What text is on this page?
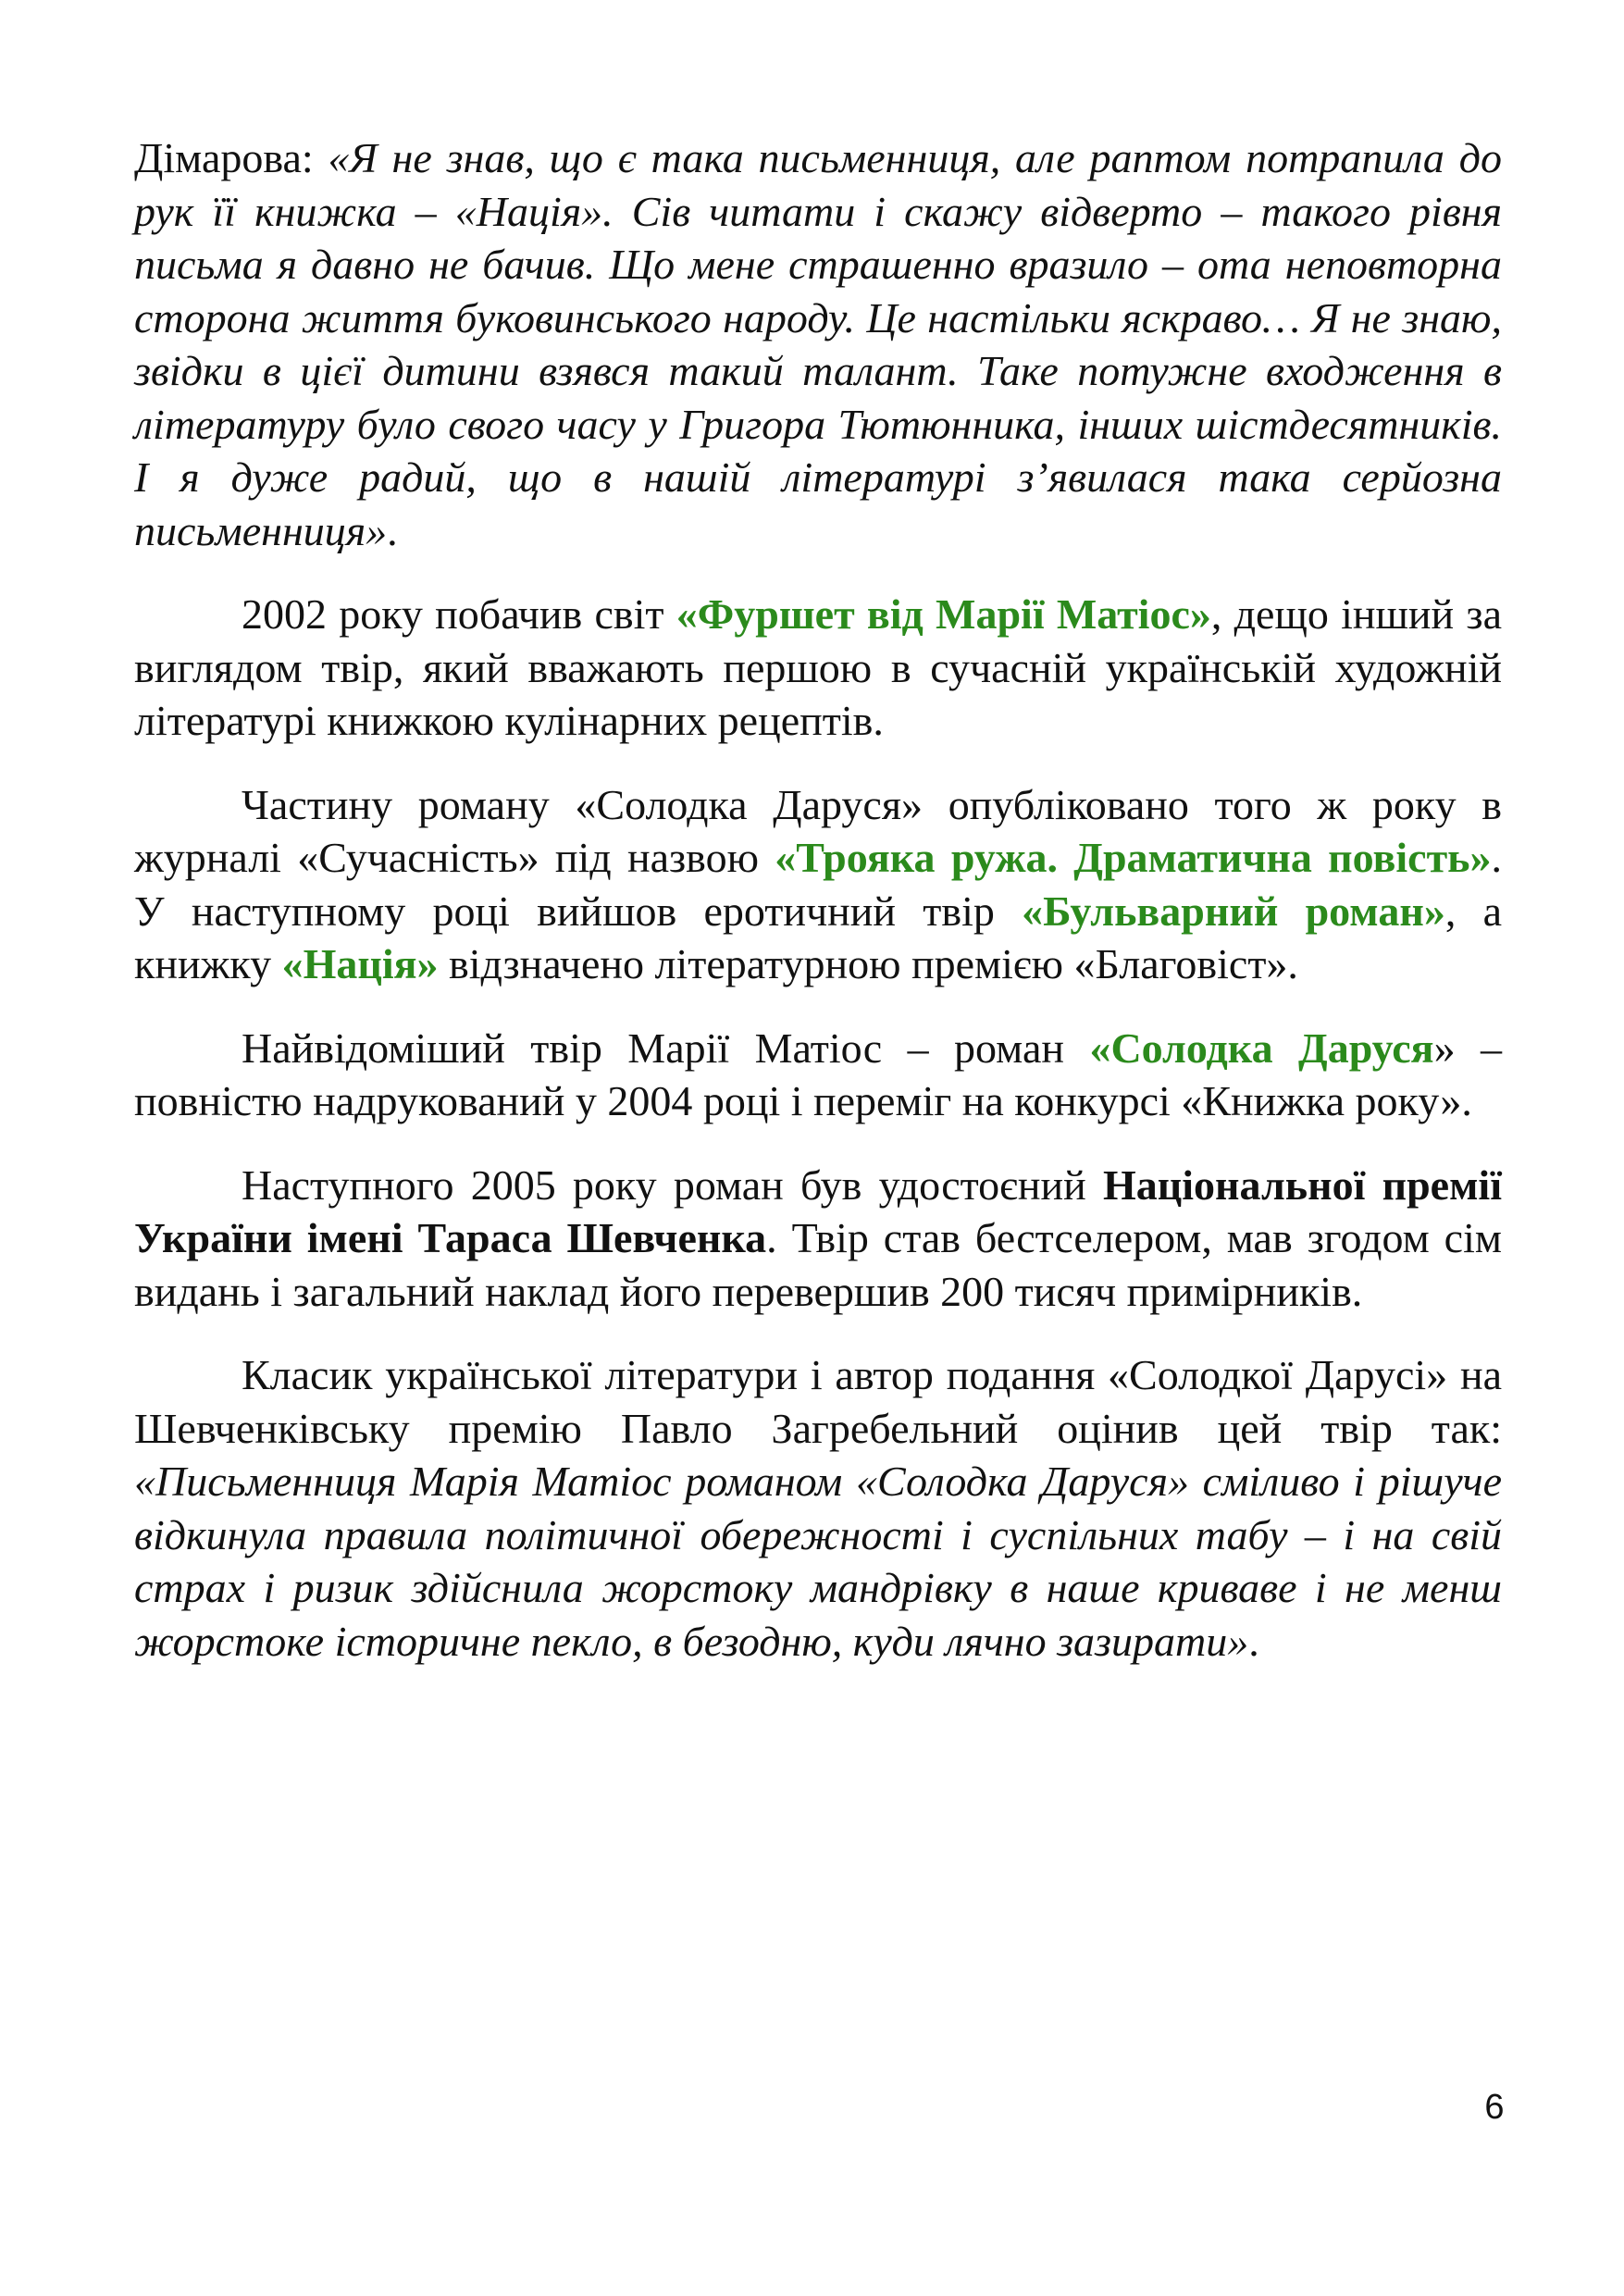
Дімарова: «Я не знав, що є така письменниця, але раптом потрапила до рук її книжка – «Нація». Сів читати і скажу відверто – такого рівня письма я давно не бачив. Що мене страшенно вразило – ота неповторна сторона життя буковинського народу. Це настільки яскраво… Я не знаю, звідки в цієї дитини взявся такий талант. Таке потужне входження в літературу було свого часу у Григора Тютюнника, інших шістдесятників. І я дуже радий, що в нашій літературі з’явилася така серйозна письменниця».

2002 року побачив світ «Фуршет від Марії Матіос», дещо інший за виглядом твір, який вважають першою в сучасній українській художній літературі книжкою кулінарних рецептів.

Частину роману «Солодка Даруся» опубліковано того ж року в журналі «Сучасність» під назвою «Трояка ружа. Драматична повість». У наступному році вийшов еротичний твір «Бульварний роман», а книжку «Нація» відзначено літературною премією «Благовіст».

Найвідоміший твір Марії Матіос – роман «Солодка Даруся» – повністю надрукований у 2004 році і переміг на конкурсі «Книжка року».

Наступного 2005 року роман був удостоєний Національної премії України імені Тараса Шевченка. Твір став бестселером, мав згодом сім видань і загальний наклад його перевершив 200 тисяч примірників.

Класик української літератури і автор подання «Солодкої Дарусі» на Шевченківську премію Павло Загребельний оцінив цей твір так: «Письменниця Марія Матіос романом «Солодка Даруся» сміливо і рішуче відкинула правила політичної обережності і суспільних табу – і на свій страх і ризик здійснила жорстоку мандрівку в наше криваве і не менш жорстоке історичне пекло, в безодню, куди лячно зазирати».

6
